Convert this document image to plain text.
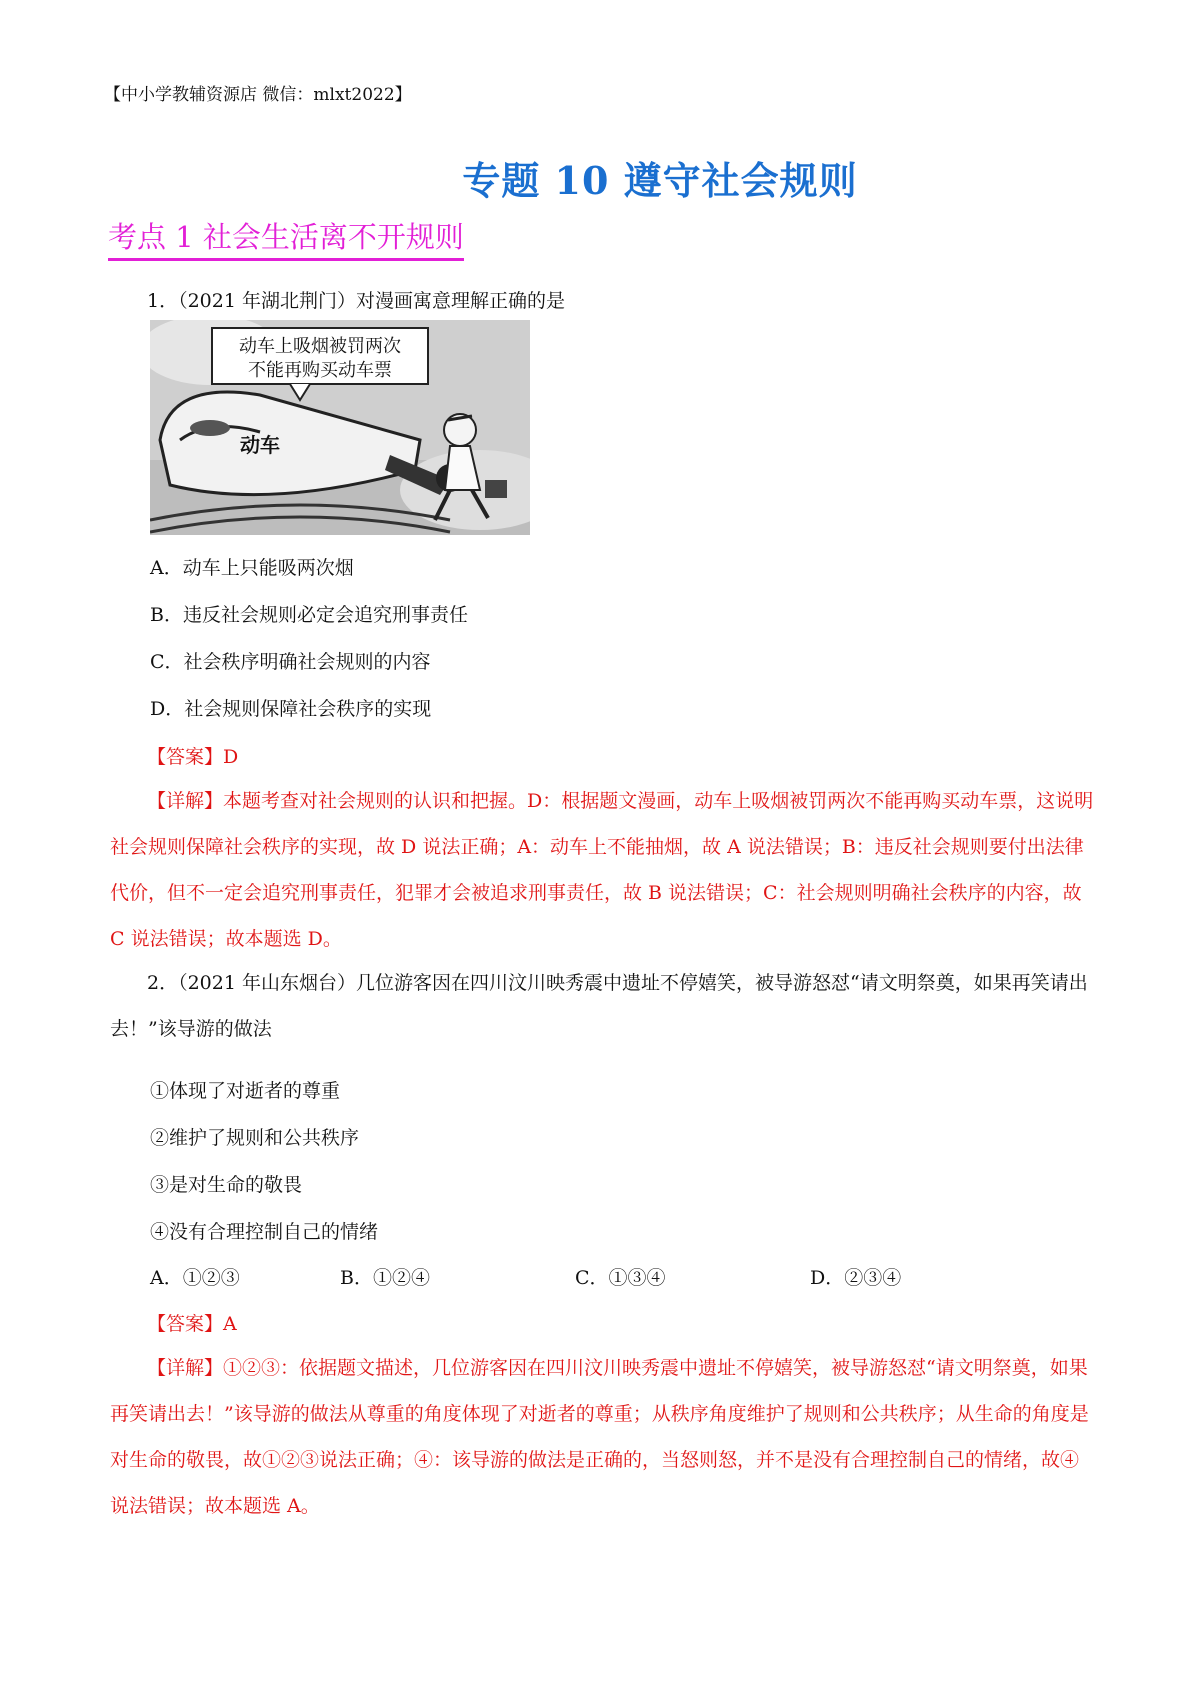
【中小学教辅资源店 微信：mlxt2022】
专题 10 遵守社会规则
考点 1 社会生活离不开规则
1．（2021 年湖北荆门）对漫画寓意理解正确的是
动车上吸烟被罚两次
不能再购买动车票
动车
A．动车上只能吸两次烟
B．违反社会规则必定会追究刑事责任
C．社会秩序明确社会规则的内容
D．社会规则保障社会秩序的实现
【答案】D
【详解】本题考查对社会规则的认识和把握。D：根据题文漫画，动车上吸烟被罚两次不能再购买动车票，这说明社会规则保障社会秩序的实现，故 D 说法正确；A：动车上不能抽烟，故 A 说法错误；B：违反社会规则要付出法律代价，但不一定会追究刑事责任，犯罪才会被追求刑事责任，故 B 说法错误；C：社会规则明确社会秩序的内容，故 C 说法错误；故本题选 D。
2．（2021 年山东烟台）几位游客因在四川汶川映秀震中遗址不停嬉笑，被导游怒怼“请文明祭奠，如果再笑请出去！”该导游的做法
①体现了对逝者的尊重
②维护了规则和公共秩序
③是对生命的敬畏
④没有合理控制自己的情绪
A．①②③	B．①②④	C．①③④	D．②③④
【答案】A
【详解】①②③：依据题文描述，几位游客因在四川汶川映秀震中遗址不停嬉笑，被导游怒怼“请文明祭奠，如果再笑请出去！”该导游的做法从尊重的角度体现了对逝者的尊重；从秩序角度维护了规则和公共秩序；从生命的角度是对生命的敬畏，故①②③说法正确；④：该导游的做法是正确的，当怒则怒，并不是没有合理控制自己的情绪，故④说法错误；故本题选 A。
